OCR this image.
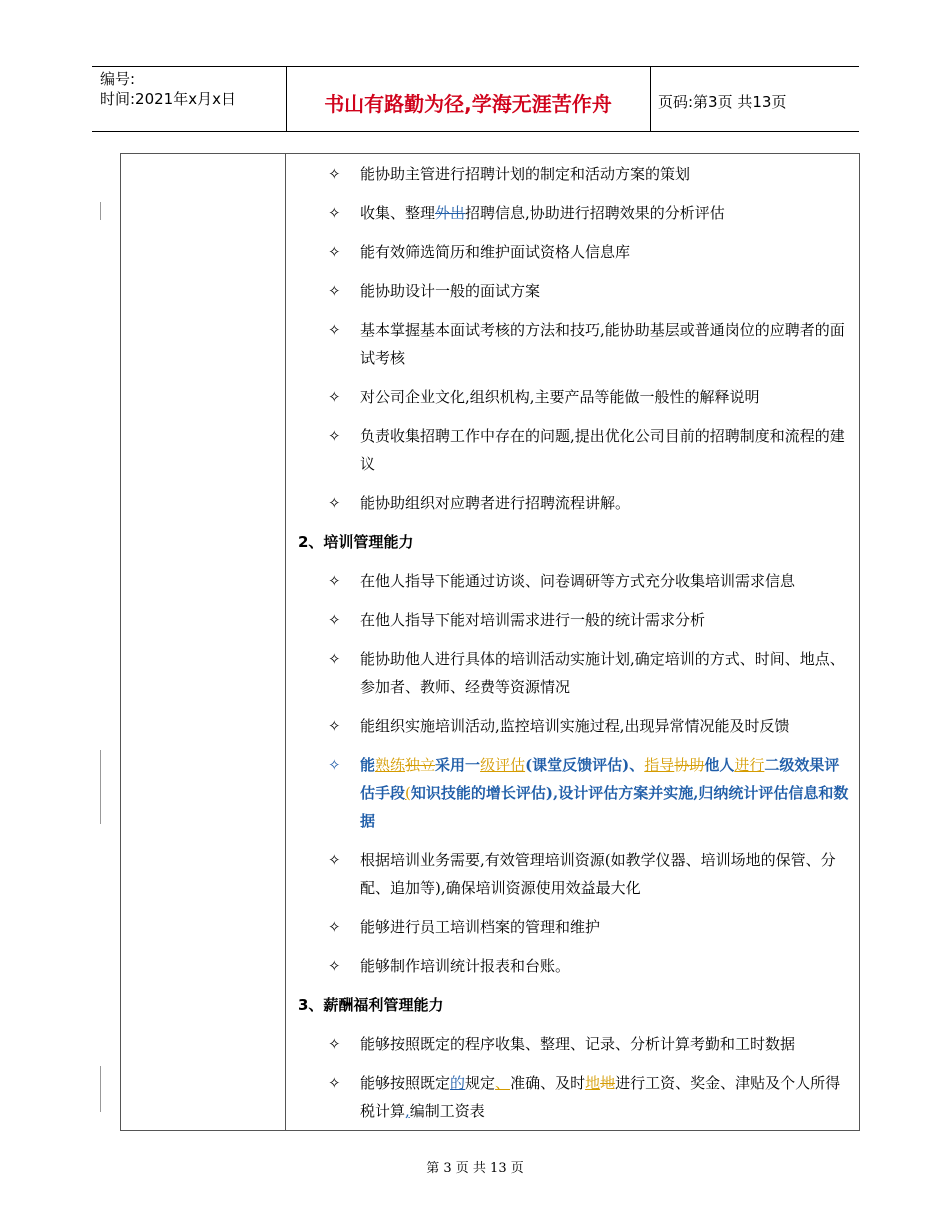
编号:
时间:2021年x月x日	书山有路勤为径,学海无涯苦作舟	页码:第3页 共13页
✧ 能协助主管进行招聘计划的制定和活动方案的策划
✧ 收集、整理外出招聘信息,协助进行招聘效果的分析评估
✧ 能有效筛选简历和维护面试资格人信息库
✧ 能协助设计一般的面试方案
✧ 基本掌握基本面试考核的方法和技巧,能协助基层或普通岗位的应聘者的面试考核
✧ 对公司企业文化,组织机构,主要产品等能做一般性的解释说明
✧ 负责收集招聘工作中存在的问题,提出优化公司目前的招聘制度和流程的建议
✧ 能协助组织对应聘者进行招聘流程讲解。
2、培训管理能力
✧ 在他人指导下能通过访谈、问卷调研等方式充分收集培训需求信息
✧ 在他人指导下能对培训需求进行一般的统计需求分析
✧ 能协助他人进行具体的培训活动实施计划,确定培训的方式、时间、地点、参加者、教师、经费等资源情况
✧ 能组织实施培训活动,监控培训实施过程,出现异常情况能及时反馈
✧ 能熟练独立采用一级评估(课堂反馈评估)、指导协助他人进行二级效果评估手段(知识技能的增长评估),设计评估方案并实施,归纳统计评估信息和数据
✧ 根据培训业务需要,有效管理培训资源(如教学仪器、培训场地的保管、分配、追加等),确保培训资源使用效益最大化
✧ 能够进行员工培训档案的管理和维护
✧ 能够制作培训统计报表和台账。
3、薪酬福利管理能力
✧ 能够按照既定的程序收集、整理、记录、分析计算考勤和工时数据
✧ 能够按照既定的规定、准确、及时地地进行工资、奖金、津贴及个人所得税计算,编制工资表
第 3 页 共 13 页
